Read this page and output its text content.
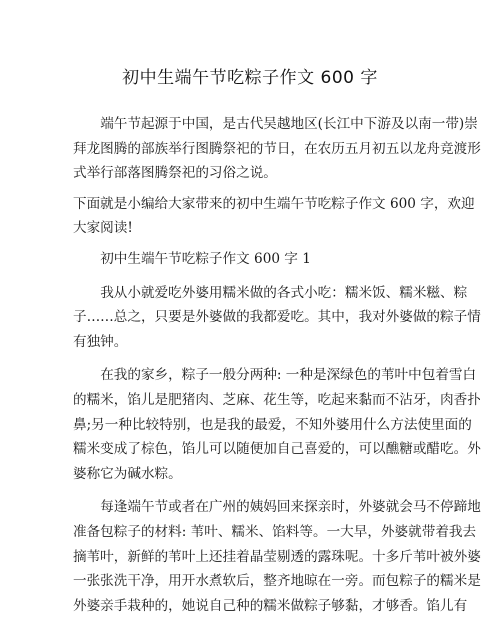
初中生端午节吃粽子作文 600 字

端午节起源于中国，是古代吴越地区(长江中下游及以南一带)崇
拜龙图腾的部族举行图腾祭祀的节日，在农历五月初五以龙舟竞渡形
式举行部落图腾祭祀的习俗之说。

下面就是小编给大家带来的初中生端午节吃粽子作文 600 字，欢迎
大家阅读!

初中生端午节吃粽子作文 600 字 1

我从小就爱吃外婆用糯米做的各式小吃：糯米饭、糯米糍、粽
子……总之，只要是外婆做的我都爱吃。其中，我对外婆做的粽子情
有独钟。

在我的家乡，粽子一般分两种: 一种是深绿色的苇叶中包着雪白
的糯米，馅儿是肥猪肉、芝麻、花生等，吃起来黏而不沾牙，肉香扑
鼻;另一种比较特别，也是我的最爱，不知外婆用什么方法使里面的
糯米变成了棕色，馅儿可以随便加自己喜爱的，可以醮糖或醋吃。外
婆称它为碱水粽。

每逢端午节或者在广州的姨妈回来探亲时，外婆就会马不停蹄地
准备包粽子的材料: 苇叶、糯米、馅料等。一大早，外婆就带着我去
摘苇叶，新鲜的苇叶上还挂着晶莹剔透的露珠呢。十多斤苇叶被外婆
一张张洗干净，用开水煮软后，整齐地晾在一旁。而包粽子的糯米是
外婆亲手栽种的，她说自己种的糯米做粽子够黏，才够香。馅儿有
